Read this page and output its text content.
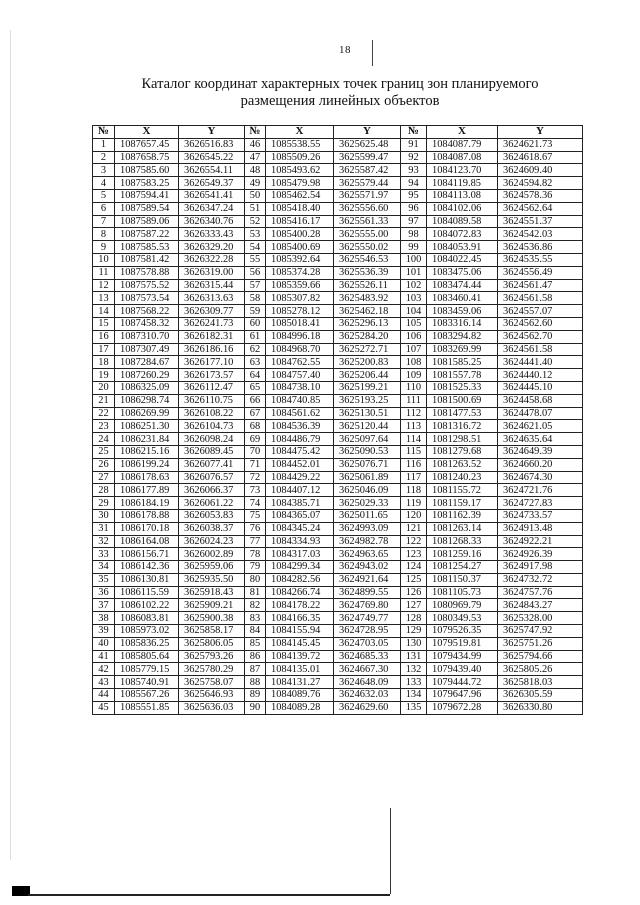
18
Каталог координат характерных точек границ зон планируемого
размещения линейных объектов
№	X	Y	№	X	Y	№	X	Y
1	1087657.45	3626516.83	46	1085538.55	3625625.48	91	1084087.79	3624621.73
2	1087658.75	3626545.22	47	1085509.26	3625599.47	92	1084087.08	3624618.67
3	1087585.60	3626554.11	48	1085493.62	3625587.42	93	1084123.70	3624609.40
4	1087583.25	3626549.37	49	1085479.98	3625579.44	94	1084119.85	3624594.82
5	1087594.41	3626541.41	50	1085462.54	3625571.97	95	1084113.08	3624578.36
6	1087589.54	3626347.24	51	1085418.40	3625556.60	96	1084102.06	3624562.64
7	1087589.06	3626340.76	52	1085416.17	3625561.33	97	1084089.58	3624551.37
8	1087587.22	3626333.43	53	1085400.28	3625555.00	98	1084072.83	3624542.03
9	1087585.53	3626329.20	54	1085400.69	3625550.02	99	1084053.91	3624536.86
10	1087581.42	3626322.28	55	1085392.64	3625546.53	100	1084022.45	3624535.55
11	1087578.88	3626319.00	56	1085374.28	3625536.39	101	1083475.06	3624556.49
12	1087575.52	3626315.44	57	1085359.66	3625526.11	102	1083474.44	3624561.47
13	1087573.54	3626313.63	58	1085307.82	3625483.92	103	1083460.41	3624561.58
14	1087568.22	3626309.77	59	1085278.12	3625462.18	104	1083459.06	3624557.07
15	1087458.32	3626241.73	60	1085018.41	3625296.13	105	1083316.14	3624562.60
16	1087310.70	3626182.31	61	1084996.18	3625284.20	106	1083294.82	3624562.70
17	1087307.49	3626186.16	62	1084968.70	3625272.71	107	1083269.99	3624561.58
18	1087284.67	3626177.10	63	1084762.55	3625200.83	108	1081585.25	3624441.40
19	1087260.29	3626173.57	64	1084757.40	3625206.44	109	1081557.78	3624440.12
20	1086325.09	3626112.47	65	1084738.10	3625199.21	110	1081525.33	3624445.10
21	1086298.74	3626110.75	66	1084740.85	3625193.25	111	1081500.69	3624458.68
22	1086269.99	3626108.22	67	1084561.62	3625130.51	112	1081477.53	3624478.07
23	1086251.30	3626104.73	68	1084536.39	3625120.44	113	1081316.72	3624621.05
24	1086231.84	3626098.24	69	1084486.79	3625097.64	114	1081298.51	3624635.64
25	1086215.16	3626089.45	70	1084475.42	3625090.53	115	1081279.68	3624649.39
26	1086199.24	3626077.41	71	1084452.01	3625076.71	116	1081263.52	3624660.20
27	1086178.63	3626076.57	72	1084429.22	3625061.89	117	1081240.23	3624674.30
28	1086177.89	3626066.37	73	1084407.12	3625046.09	118	1081155.72	3624721.76
29	1086184.19	3626061.22	74	1084385.71	3625029.33	119	1081159.17	3624727.83
30	1086178.88	3626053.83	75	1084365.07	3625011.65	120	1081162.39	3624733.57
31	1086170.18	3626038.37	76	1084345.24	3624993.09	121	1081263.14	3624913.48
32	1086164.08	3626024.23	77	1084334.93	3624982.78	122	1081268.33	3624922.21
33	1086156.71	3626002.89	78	1084317.03	3624963.65	123	1081259.16	3624926.39
34	1086142.36	3625959.06	79	1084299.34	3624943.02	124	1081254.27	3624917.98
35	1086130.81	3625935.50	80	1084282.56	3624921.64	125	1081150.37	3624732.72
36	1086115.59	3625918.43	81	1084266.74	3624899.55	126	1081105.73	3624757.76
37	1086102.22	3625909.21	82	1084178.22	3624769.80	127	1080969.79	3624843.27
38	1086083.81	3625900.38	83	1084166.35	3624749.77	128	1080349.53	3625328.00
39	1085973.02	3625858.17	84	1084155.94	3624728.95	129	1079526.35	3625747.92
40	1085836.25	3625806.05	85	1084145.45	3624703.05	130	1079519.81	3625751.26
41	1085805.64	3625793.26	86	1084139.72	3624685.33	131	1079434.99	3625794.66
42	1085779.15	3625780.29	87	1084135.01	3624667.30	132	1079439.40	3625805.26
43	1085740.91	3625758.07	88	1084131.27	3624648.09	133	1079444.72	3625818.03
44	1085567.26	3625646.93	89	1084089.76	3624632.03	134	1079647.96	3626305.59
45	1085551.85	3625636.03	90	1084089.28	3624629.60	135	1079672.28	3626330.80
